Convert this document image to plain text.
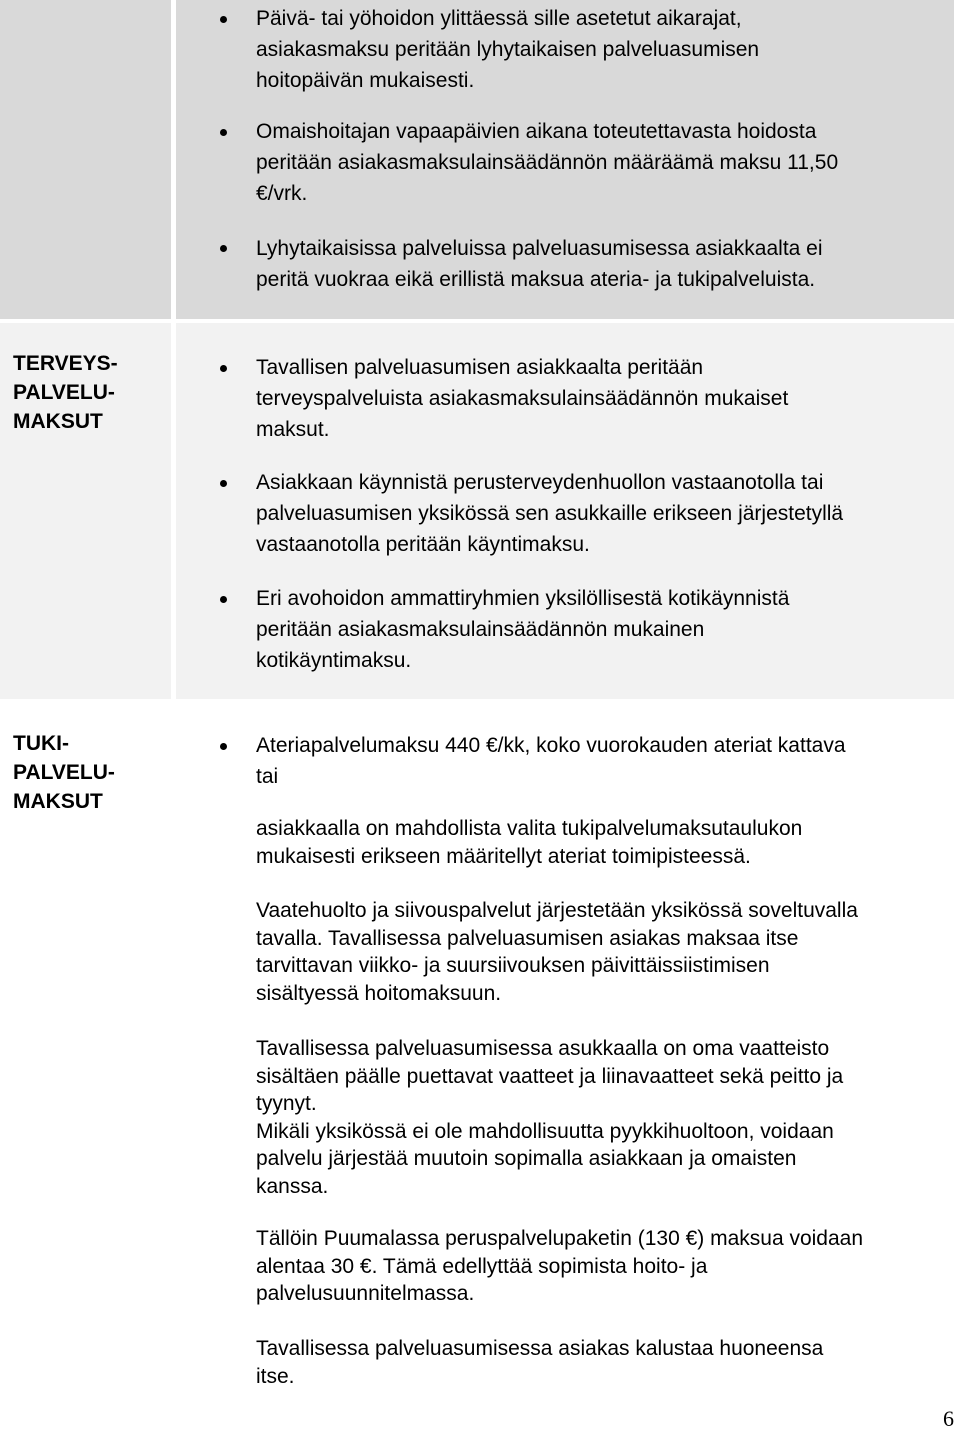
Päivä- tai yöhoidon ylittäessä sille asetetut aikarajat,
asiakasmaksu peritään lyhytaikaisen palveluasumisen
hoitopäivän mukaisesti.
Omaishoitajan vapaapäivien aikana toteutettavasta hoidosta
peritään asiakasmaksulainsäädännön määräämä maksu 11,50
€/vrk.
Lyhytaikaisissa palveluissa palveluasumisessa asiakkaalta ei
peritä vuokraa eikä erillistä maksua ateria- ja tukipalveluista.
TERVEYS-
PALVELU-
MAKSUT
Tavallisen palveluasumisen asiakkaalta peritään
terveyspalveluista asiakasmaksulainsäädännön mukaiset
maksut.
Asiakkaan käynnistä perusterveydenhuollon vastaanotolla tai
palveluasumisen yksikössä sen asukkaille erikseen järjestetyllä
vastaanotolla peritään käyntimaksu.
Eri avohoidon ammattiryhmien yksilöllisestä kotikäynnistä
peritään asiakasmaksulainsäädännön mukainen
kotikäyntimaksu.
TUKI-
PALVELU-
MAKSUT
Ateriapalvelumaksu 440 €/kk, koko vuorokauden ateriat kattava
tai
asiakkaalla on mahdollista valita tukipalvelumaksutaulukon
mukaisesti erikseen määritellyt ateriat toimipisteessä.
Vaatehuolto ja siivouspalvelut järjestetään yksikössä soveltuvalla
tavalla. Tavallisessa palveluasumisen asiakas maksaa itse
tarvittavan viikko- ja suursiivouksen päivittäissiistimisen
sisältyessä hoitomaksuun.
Tavallisessa palveluasumisessa asukkaalla on oma vaatteisto
sisältäen päälle puettavat vaatteet ja liinavaatteet sekä peitto ja
tyynyt.
Mikäli yksikössä ei ole mahdollisuutta pyykkihuoltoon, voidaan
palvelu järjestää muutoin sopimalla asiakkaan ja omaisten
kanssa.
Tällöin Puumalassa peruspalvelupaketin (130 €) maksua voidaan
alentaa 30 €. Tämä edellyttää sopimista hoito- ja
palvelusuunnitelmassa.
Tavallisessa palveluasumisessa asiakas kalustaa huoneensa
itse.
6
